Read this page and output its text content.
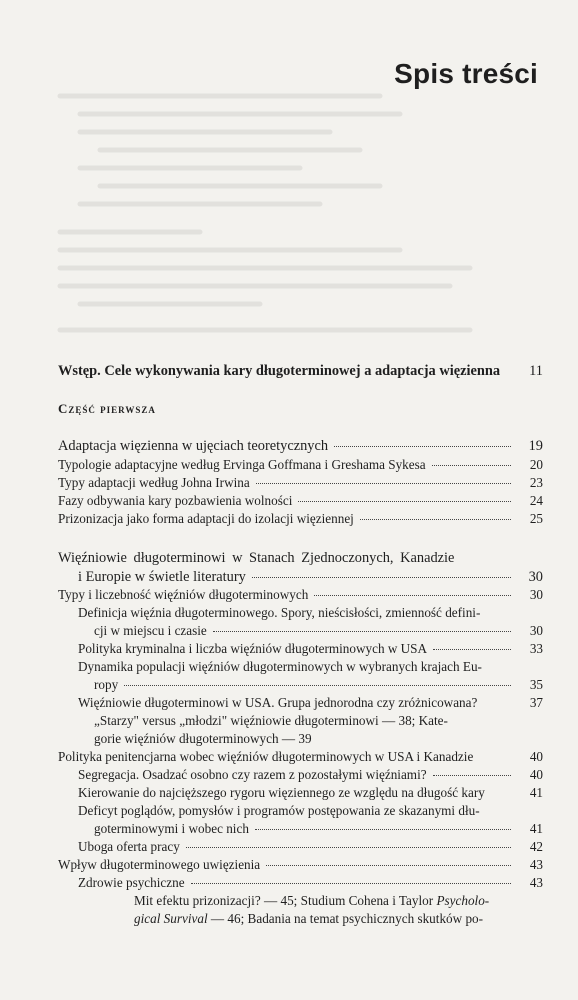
Spis treści
Wstęp. Cele wykonywania kary długoterminowej a adaptacja więzienna	11
Część pierwsza
Adaptacja więzienna w ujęciach teoretycznych	19
Typologie adaptacyjne według Ervinga Goffmana i Greshama Sykesa	20
Typy adaptacji według Johna Irwina	23
Fazy odbywania kary pozbawienia wolności	24
Prizonizacja jako forma adaptacji do izolacji więziennej	25
Więźniowie długoterminowi w Stanach Zjednoczonych, Kanadzie
i Europie w świetle literatury	30
Typy i liczebność więźniów długoterminowych	30
Definicja więźnia długoterminowego. Spory, nieścisłości, zmienność defini-
cji w miejscu i czasie	30
Polityka kryminalna i liczba więźniów długoterminowych w USA	33
Dynamika populacji więźniów długoterminowych w wybranych krajach Eu-
ropy	35
Więźniowie długoterminowi w USA. Grupa jednorodna czy zróżnicowana?	37
„Starzy" versus „młodzi" więźniowie długoterminowi — 38; Kate-
gorie więźniów długoterminowych — 39
Polityka penitencjarna wobec więźniów długoterminowych w USA i Kanadzie	40
Segregacja. Osadzać osobno czy razem z pozostałymi więźniami?	40
Kierowanie do najcięższego rygoru więziennego ze względu na długość kary	41
Deficyt poglądów, pomysłów i programów postępowania ze skazanymi dłu-
goterminowymi i wobec nich	41
Uboga oferta pracy	42
Wpływ długoterminowego uwięzienia	43
Zdrowie psychiczne	43
Mit efektu prizonizacji? — 45; Studium Cohena i Taylor Psycholo-
gical Survival — 46; Badania na temat psychicznych skutków po-
